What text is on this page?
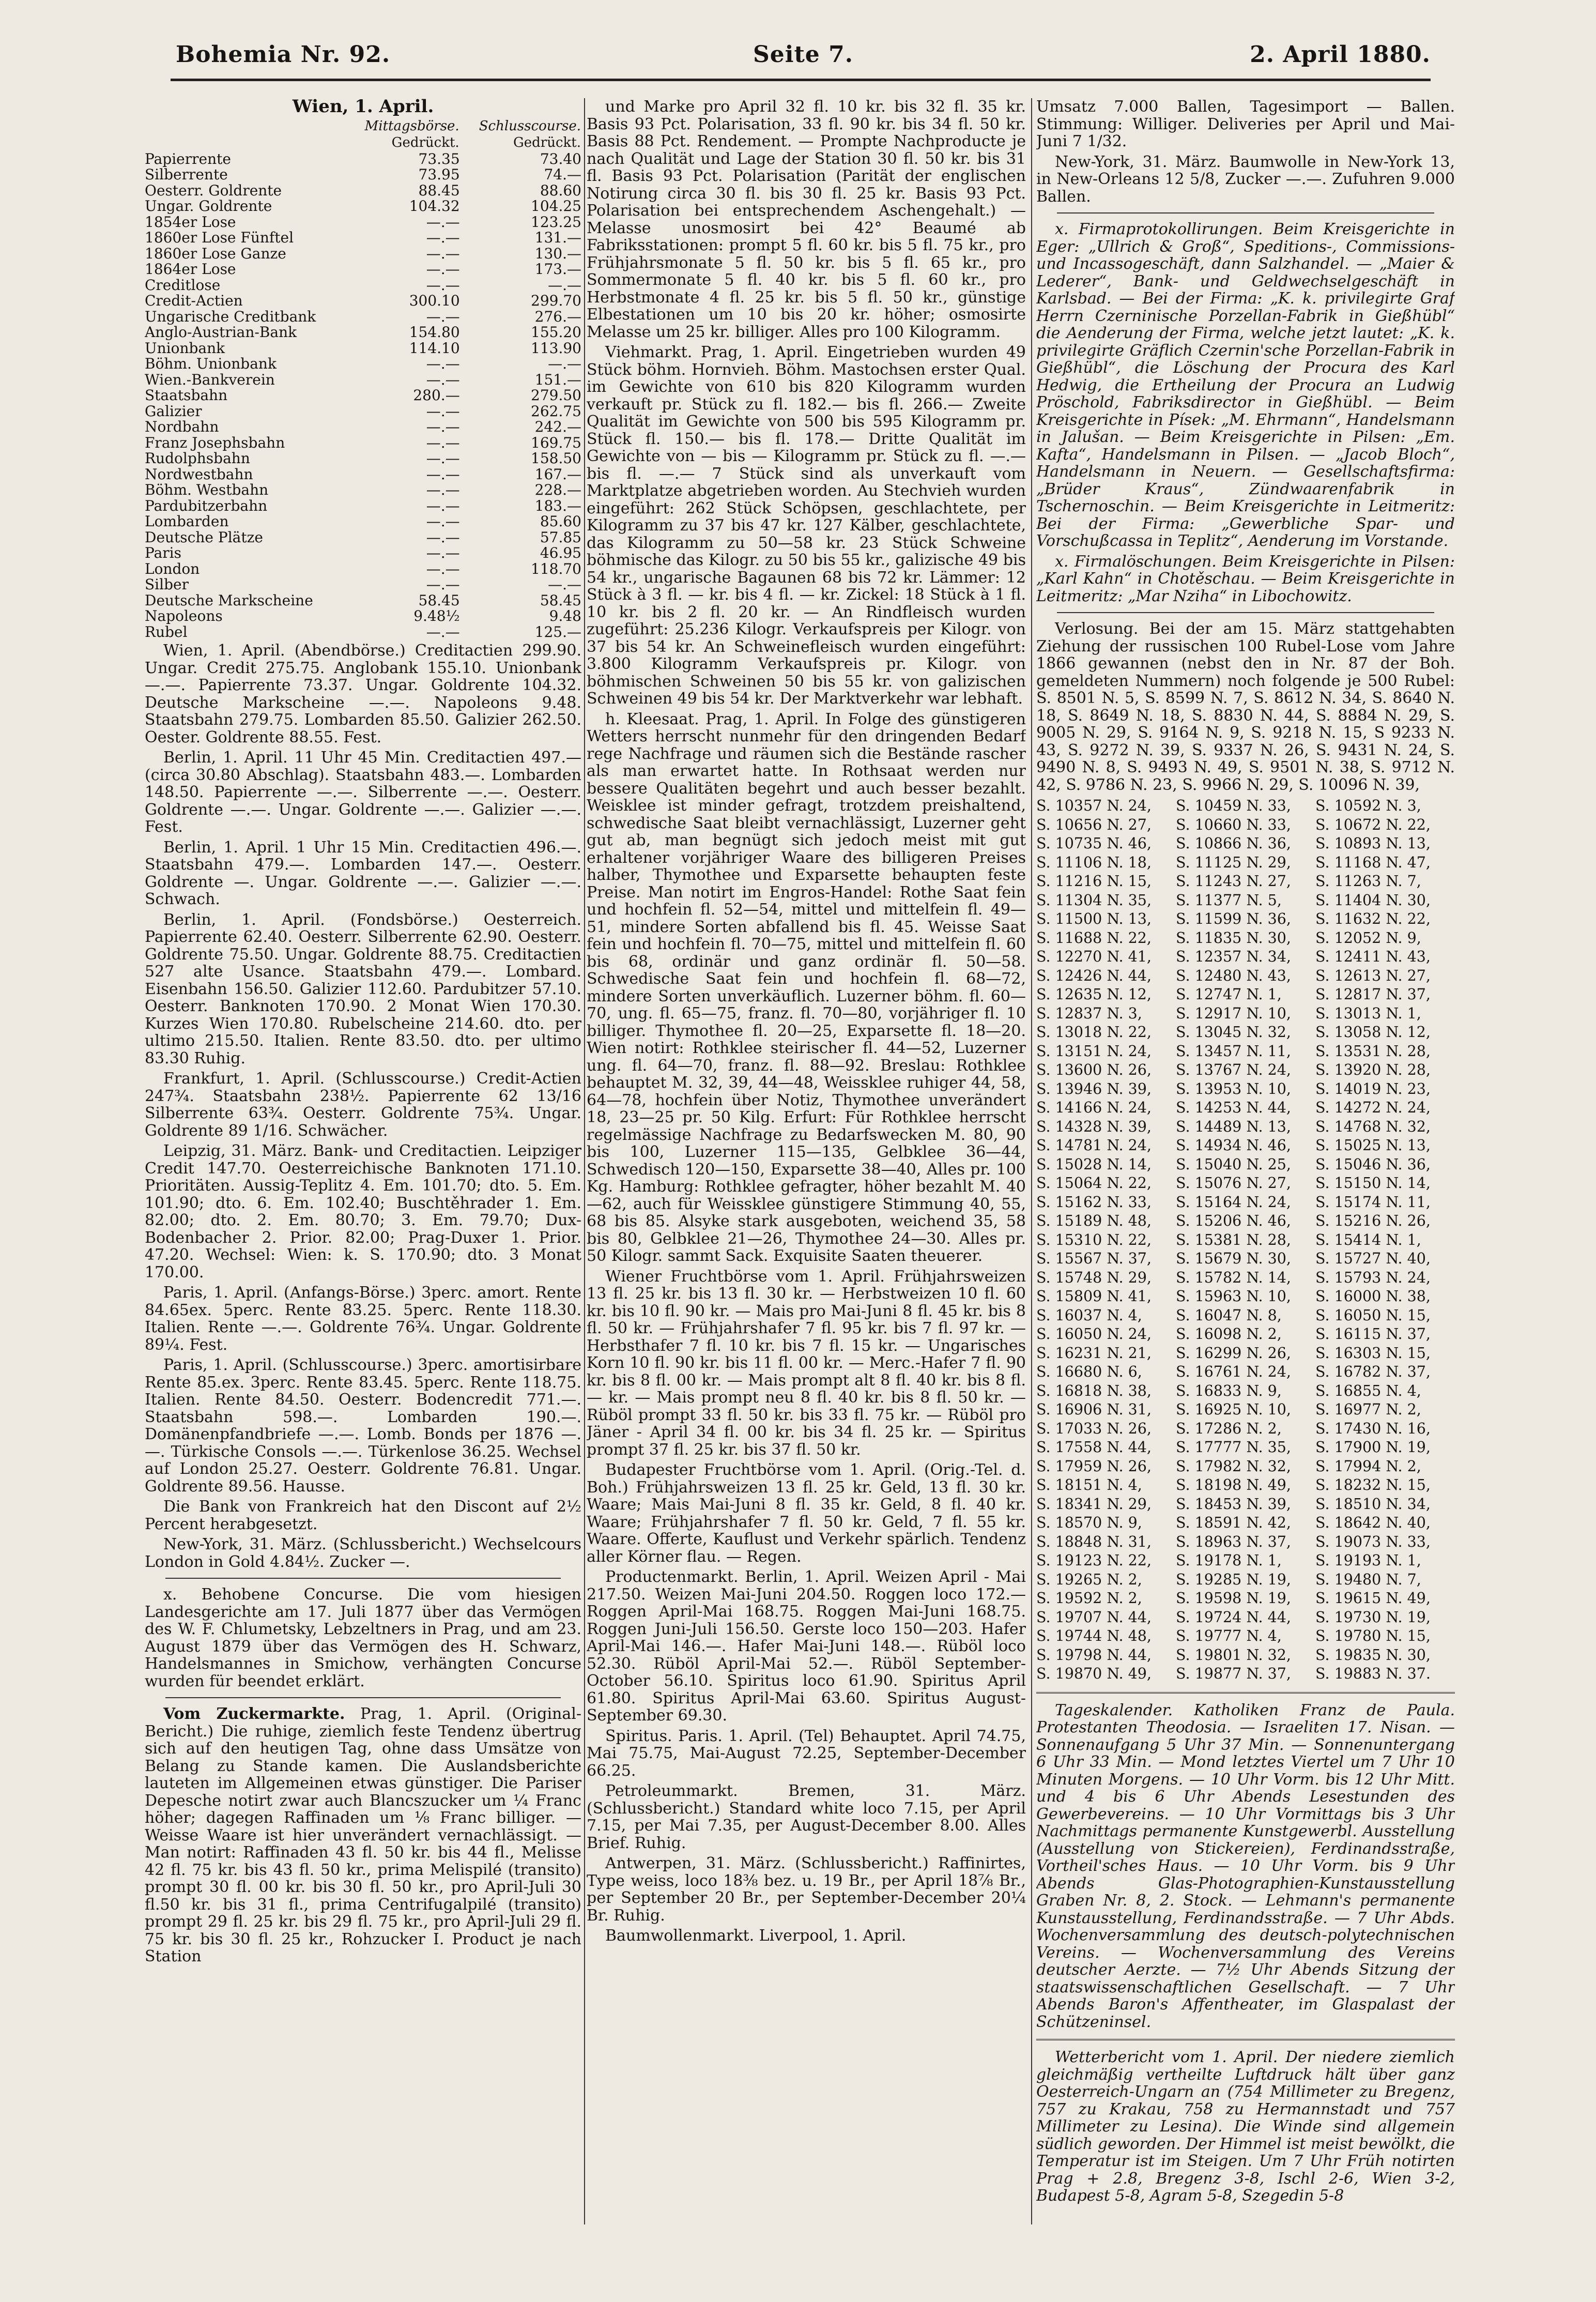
Bohemia Nr. 92.	Seite 7.	2. April 1880.
Wien, 1. April.
	Mittagsbörse.	Schlusscourse.
	Gedrückt.	Gedrückt.
Papierrente	73.35	73.40
Silberrente	73.95	74.—
Oesterr. Goldrente	88.45	88.60
Ungar. Goldrente	104.32	104.25
1854er Lose	—.—	123.25
1860er Lose Fünftel	—.—	131.—
1860er Lose Ganze	—.—	130.—
1864er Lose	—.—	173.—
Creditlose	—.—	—.—
Credit-Actien	300.10	299.70
Ungarische Creditbank	—.—	276.—
Anglo-Austrian-Bank	154.80	155.20
Unionbank	114.10	113.90
Böhm. Unionbank	—.—	—.—
Wien.-Bankverein	—.—	151.—
Staatsbahn	280.—	279.50
Galizier	—.—	262.75
Nordbahn	—.—	242.—
Franz Josephsbahn	—.—	169.75
Rudolphsbahn	—.—	158.50
Nordwestbahn	—.—	167.—
Böhm. Westbahn	—.—	228.—
Pardubitzerbahn	—.—	183.—
Lombarden	—.—	85.60
Deutsche Plätze	—.—	57.85
Paris	—.—	46.95
London	—.—	118.70
Silber	—.—	—.—
Deutsche Markscheine	58.45	58.45
Napoleons	9.48½	9.48
Rubel	—.—	125.—

Wien, 1. April. (Abendbörse.) Creditactien 299.90. Ungar. Credit 275.75. Anglobank 155.10. Unionbank —.—. Papierrente 73.37. Ungar. Goldrente 104.32. Deutsche Markscheine —.—. Napoleons 9.48. Staatsbahn 279.75. Lombarden 85.50. Galizier 262.50. Oester. Goldrente 88.55. Fest.

Berlin, 1. April. 11 Uhr 45 Min. Creditactien 497.— (circa 30.80 Abschlag). Staatsbahn 483.—. Lombarden 148.50. Papierrente —.—. Silberrente —.—. Oesterr. Goldrente —.—. Ungar. Goldrente —.—. Galizier —.—. Fest.

Berlin, 1. April. 1 Uhr 15 Min. Creditactien 496.—. Staatsbahn 479.—. Lombarden 147.—. Oesterr. Goldrente —. Ungar. Goldrente —.—. Galizier —.—. Schwach.

Berlin, 1. April. (Fondsbörse.) Oesterreich. Papierrente 62.40. Oesterr. Silberrente 62.90. Oesterr. Goldrente 75.50. Ungar. Goldrente 88.75. Creditactien 527 alte Usance. Staatsbahn 479.—. Lombard. Eisenbahn 156.50. Galizier 112.60. Pardubitzer 57.10. Oesterr. Banknoten 170.90. 2 Monat Wien 170.30. Kurzes Wien 170.80. Rubelscheine 214.60. dto. per ultimo 215.50. Italien. Rente 83.50. dto. per ultimo 83.30 Ruhig.

Frankfurt, 1. April. (Schlusscourse.) Credit-Actien 247¾. Staatsbahn 238½. Papierrente 62 13/16 Silberrente 63¾. Oesterr. Goldrente 75¾. Ungar. Goldrente 89 1/16. Schwächer.

Leipzig, 31. März. Bank- und Creditactien. Leipziger Credit 147.70. Oesterreichische Banknoten 171.10. Prioritäten. Aussig-Teplitz 4. Em. 101.70; dto. 5. Em. 101.90; dto. 6. Em. 102.40; Buschtěhrader 1. Em. 82.00; dto. 2. Em. 80.70; 3. Em. 79.70; Dux-Bodenbacher 2. Prior. 82.00; Prag-Duxer 1. Prior. 47.20. Wechsel: Wien: k. S. 170.90; dto. 3 Monat 170.00.

Paris, 1. April. (Anfangs-Börse.) 3perc. amort. Rente 84.65ex. 5perc. Rente 83.25. 5perc. Rente 118.30. Italien. Rente —.—. Goldrente 76¾. Ungar. Goldrente 89¼. Fest.

Paris, 1. April. (Schlusscourse.) 3perc. amortisirbare Rente 85.ex. 3perc. Rente 83.45. 5perc. Rente 118.75. Italien. Rente 84.50. Oesterr. Bodencredit 771.—. Staatsbahn 598.—. Lombarden 190.—. Domänenpfandbriefe —.—. Lomb. Bonds per 1876 —.—. Türkische Consols —.—. Türkenlose 36.25. Wechsel auf London 25.27. Oesterr. Goldrente 76.81. Ungar. Goldrente 89.56. Hausse.

Die Bank von Frankreich hat den Discont auf 2½ Percent herabgesetzt.

New-York, 31. März. (Schlussbericht.) Wechselcours London in Gold 4.84½. Zucker —.

x. Behobene Concurse. Die vom hiesigen Landesgerichte am 17. Juli 1877 über das Vermögen des W. F. Chlumetsky, Lebzeltners in Prag, und am 23. August 1879 über das Vermögen des H. Schwarz, Handelsmannes in Smichow, verhängten Concurse wurden für beendet erklärt.

Vom Zuckermarkte. Prag, 1. April. (Original-Bericht.) Die ruhige, ziemlich feste Tendenz übertrug sich auf den heutigen Tag, ohne dass Umsätze von Belang zu Stande kamen. Die Auslandsberichte lauteten im Allgemeinen etwas günstiger. Die Pariser Depesche notirt zwar auch Blancszucker um ¼ Franc höher; dagegen Raffinaden um ⅛ Franc billiger. — Weisse Waare ist hier unverändert vernachlässigt. — Man notirt: Raffinaden 43 fl. 50 kr. bis 44 fl., Melisse 42 fl. 75 kr. bis 43 fl. 50 kr., prima Melispilé (transito) prompt 30 fl. 00 kr. bis 30 fl. 50 kr., pro April-Juli 30 fl.50 kr. bis 31 fl., prima Centrifugalpilé (transito) prompt 29 fl. 25 kr. bis 29 fl. 75 kr., pro April-Juli 29 fl. 75 kr. bis 30 fl. 25 kr., Rohzucker I. Product je nach Station

und Marke pro April 32 fl. 10 kr. bis 32 fl. 35 kr. Basis 93 Pct. Polarisation, 33 fl. 90 kr. bis 34 fl. 50 kr. Basis 88 Pct. Rendement. — Prompte Nachproducte je nach Qualität und Lage der Station 30 fl. 50 kr. bis 31 fl. Basis 93 Pct. Polarisation (Parität der englischen Notirung circa 30 fl. bis 30 fl. 25 kr. Basis 93 Pct. Polarisation bei entsprechendem Aschengehalt.) — Melasse unosmosirt bei 42° Beaumé ab Fabriksstationen: prompt 5 fl. 60 kr. bis 5 fl. 75 kr., pro Frühjahrsmonate 5 fl. 50 kr. bis 5 fl. 65 kr., pro Sommermonate 5 fl. 40 kr. bis 5 fl. 60 kr., pro Herbstmonate 4 fl. 25 kr. bis 5 fl. 50 kr., günstige Elbestationen um 10 bis 20 kr. höher; osmosirte Melasse um 25 kr. billiger. Alles pro 100 Kilogramm.

Viehmarkt. Prag, 1. April. Eingetrieben wurden 49 Stück böhm. Hornvieh. Böhm. Mastochsen erster Qual. im Gewichte von 610 bis 820 Kilogramm wurden verkauft pr. Stück zu fl. 182.— bis fl. 266.— Zweite Qualität im Gewichte von 500 bis 595 Kilogramm pr. Stück fl. 150.— bis fl. 178.— Dritte Qualität im Gewichte von — bis — Kilogramm pr. Stück zu fl. —.— bis fl. —.— 7 Stück sind als unverkauft vom Marktplatze abgetrieben worden. Au Stechvieh wurden eingeführt: 262 Stück Schöpsen, geschlachtete, per Kilogramm zu 37 bis 47 kr. 127 Kälber, geschlachtete, das Kilogramm zu 50—58 kr. 23 Stück Schweine böhmische das Kilogr. zu 50 bis 55 kr., galizische 49 bis 54 kr., ungarische Bagaunen 68 bis 72 kr. Lämmer: 12 Stück à 3 fl. — kr. bis 4 fl. — kr. Zickel: 18 Stück à 1 fl. 10 kr. bis 2 fl. 20 kr. — An Rindfleisch wurden zugeführt: 25.236 Kilogr. Verkaufspreis per Kilogr. von 37 bis 54 kr. An Schweinefleisch wurden eingeführt: 3.800 Kilogramm Verkaufspreis pr. Kilogr. von böhmischen Schweinen 50 bis 55 kr. von galizischen Schweinen 49 bis 54 kr. Der Marktverkehr war lebhaft.

h. Kleesaat. Prag, 1. April. In Folge des günstigeren Wetters herrscht nunmehr für den dringenden Bedarf rege Nachfrage und räumen sich die Bestände rascher als man erwartet hatte. In Rothsaat werden nur bessere Qualitäten begehrt und auch besser bezahlt. Weisklee ist minder gefragt, trotzdem preishaltend, schwedische Saat bleibt vernachlässigt, Luzerner geht gut ab, man begnügt sich jedoch meist mit gut erhaltener vorjähriger Waare des billigeren Preises halber, Thymothee und Exparsette behaupten feste Preise. Man notirt im Engros-Handel: Rothe Saat fein und hochfein fl. 52—54, mittel und mittelfein fl. 49—51, mindere Sorten abfallend bis fl. 45. Weisse Saat fein und hochfein fl. 70—75, mittel und mittelfein fl. 60 bis 68, ordinär und ganz ordinär fl. 50—58. Schwedische Saat fein und hochfein fl. 68—72, mindere Sorten unverkäuflich. Luzerner böhm. fl. 60—70, ung. fl. 65—75, franz. fl. 70—80, vorjähriger fl. 10 billiger. Thymothee fl. 20—25, Exparsette fl. 18—20. Wien notirt: Rothklee steirischer fl. 44—52, Luzerner ung. fl. 64—70, franz. fl. 88—92. Breslau: Rothklee behauptet M. 32, 39, 44—48, Weissklee ruhiger 44, 58, 64—78, hochfein über Notiz, Thymothee unverändert 18, 23—25 pr. 50 Kilg. Erfurt: Für Rothklee herrscht regelmässige Nachfrage zu Bedarfswecken M. 80, 90 bis 100, Luzerner 115—135, Gelbklee 36—44, Schwedisch 120—150, Exparsette 38—40, Alles pr. 100 Kg. Hamburg: Rothklee gefragter, höher bezahlt M. 40—62, auch für Weissklee günstigere Stimmung 40, 55, 68 bis 85. Alsyke stark ausgeboten, weichend 35, 58 bis 80, Gelbklee 21—26, Thymothee 24—30. Alles pr. 50 Kilogr. sammt Sack. Exquisite Saaten theuerer.

Wiener Fruchtbörse vom 1. April. Frühjahrsweizen 13 fl. 25 kr. bis 13 fl. 30 kr. — Herbstweizen 10 fl. 60 kr. bis 10 fl. 90 kr. — Mais pro Mai-Juni 8 fl. 45 kr. bis 8 fl. 50 kr. — Frühjahrshafer 7 fl. 95 kr. bis 7 fl. 97 kr. — Herbsthafer 7 fl. 10 kr. bis 7 fl. 15 kr. — Ungarisches Korn 10 fl. 90 kr. bis 11 fl. 00 kr. — Merc.-Hafer 7 fl. 90 kr. bis 8 fl. 00 kr. — Mais prompt alt 8 fl. 40 kr. bis 8 fl. — kr. — Mais prompt neu 8 fl. 40 kr. bis 8 fl. 50 kr. — Rüböl prompt 33 fl. 50 kr. bis 33 fl. 75 kr. — Rüböl pro Jäner - April 34 fl. 00 kr. bis 34 fl. 25 kr. — Spiritus prompt 37 fl. 25 kr. bis 37 fl. 50 kr.

Budapester Fruchtbörse vom 1. April. (Orig.-Tel. d. Boh.) Frühjahrsweizen 13 fl. 25 kr. Geld, 13 fl. 30 kr. Waare; Mais Mai-Juni 8 fl. 35 kr. Geld, 8 fl. 40 kr. Waare; Frühjahrshafer 7 fl. 50 kr. Geld, 7 fl. 55 kr. Waare. Offerte, Kauflust und Verkehr spärlich. Tendenz aller Körner flau. — Regen.

Productenmarkt. Berlin, 1. April. Weizen April - Mai 217.50. Weizen Mai-Juni 204.50. Roggen loco 172.— Roggen April-Mai 168.75. Roggen Mai-Juni 168.75. Roggen Juni-Juli 156.50. Gerste loco 150—203. Hafer April-Mai 146.—. Hafer Mai-Juni 148.—. Rüböl loco 52.30. Rüböl April-Mai 52.—. Rüböl September-October 56.10. Spiritus loco 61.90. Spiritus April 61.80. Spiritus April-Mai 63.60. Spiritus August-September 69.30.

Spiritus. Paris. 1. April. (Tel) Behauptet. April 74.75, Mai 75.75, Mai-August 72.25, September-December 66.25.

Petroleummarkt. Bremen, 31. März. (Schlussbericht.) Standard white loco 7.15, per April 7.15, per Mai 7.35, per August-December 8.00. Alles Brief. Ruhig.

Antwerpen, 31. März. (Schlussbericht.) Raffinirtes, Type weiss, loco 18⅜ bez. u. 19 Br., per April 18⅞ Br., per September 20 Br., per September-December 20¼ Br. Ruhig.

Baumwollenmarkt. Liverpool, 1. April.

Umsatz 7.000 Ballen, Tagesimport — Ballen. Stimmung: Williger. Deliveries per April und Mai-Juni 7 1/32.

New-York, 31. März. Baumwolle in New-York 13, in New-Orleans 12 5/8, Zucker —.—. Zufuhren 9.000 Ballen.

x. Firmaprotokollirungen. Beim Kreisgerichte in Eger: „Ullrich & Groß“, Speditions-, Commissions- und Incassogeschäft, dann Salzhandel. — „Maier & Lederer“, Bank- und Geldwechselgeschäft in Karlsbad. — Bei der Firma: „K. k. privilegirte Graf Herrn Czerninische Porzellan-Fabrik in Gießhübl“ die Aenderung der Firma, welche jetzt lautet: „K. k. privilegirte Gräflich Czernin'sche Porzellan-Fabrik in Gießhübl“, die Löschung der Procura des Karl Hedwig, die Ertheilung der Procura an Ludwig Pröschold, Fabriksdirector in Gießhübl. — Beim Kreisgerichte in Písek: „M. Ehrmann“, Handelsmann in Jalušan. — Beim Kreisgerichte in Pilsen: „Em. Kafta“, Handelsmann in Pilsen. — „Jacob Bloch“, Handelsmann in Neuern. — Gesellschaftsfirma: „Brüder Kraus“, Zündwaarenfabrik in Tschernoschin. — Beim Kreisgerichte in Leitmeritz: Bei der Firma: „Gewerbliche Spar- und Vorschußcassa in Teplitz“, Aenderung im Vorstande.

x. Firmalöschungen. Beim Kreisgerichte in Pilsen: „Karl Kahn“ in Chotěschau. — Beim Kreisgerichte in Leitmeritz: „Mar Nziha“ in Libochowitz.

Verlosung. Bei der am 15. März stattgehabten Ziehung der russischen 100 Rubel-Lose vom Jahre 1866 gewannen (nebst den in Nr. 87 der Boh. gemeldeten Nummern) noch folgende je 500 Rubel: S. 8501 N. 5, S. 8599 N. 7, S. 8612 N. 34, S. 8640 N. 18, S. 8649 N. 18, S. 8830 N. 44, S. 8884 N. 29, S. 9005 N. 29, S. 9164 N. 9, S. 9218 N. 15, S 9233 N. 43, S. 9272 N. 39, S. 9337 N. 26, S. 9431 N. 24, S. 9490 N. 8, S. 9493 N. 49, S. 9501 N. 38, S. 9712 N. 42, S. 9786 N. 23, S. 9966 N. 29, S. 10096 N. 39,

S. 10357 N. 24,	S. 10459 N. 33,	S. 10592 N. 3,
S. 10656 N. 27,	S. 10660 N. 33,	S. 10672 N. 22,
S. 10735 N. 46,	S. 10866 N. 36,	S. 10893 N. 13,
S. 11106 N. 18,	S. 11125 N. 29,	S. 11168 N. 47,
S. 11216 N. 15,	S. 11243 N. 27,	S. 11263 N. 7,
S. 11304 N. 35,	S. 11377 N. 5,	S. 11404 N. 30,
S. 11500 N. 13,	S. 11599 N. 36,	S. 11632 N. 22,
S. 11688 N. 22,	S. 11835 N. 30,	S. 12052 N. 9,
S. 12270 N. 41,	S. 12357 N. 34,	S. 12411 N. 43,
S. 12426 N. 44,	S. 12480 N. 43,	S. 12613 N. 27,
S. 12635 N. 12,	S. 12747 N. 1,	S. 12817 N. 37,
S. 12837 N. 3,	S. 12917 N. 10,	S. 13013 N. 1,
S. 13018 N. 22,	S. 13045 N. 32,	S. 13058 N. 12,
S. 13151 N. 24,	S. 13457 N. 11,	S. 13531 N. 28,
S. 13600 N. 26,	S. 13767 N. 24,	S. 13920 N. 28,
S. 13946 N. 39,	S. 13953 N. 10,	S. 14019 N. 23,
S. 14166 N. 24,	S. 14253 N. 44,	S. 14272 N. 24,
S. 14328 N. 39,	S. 14489 N. 13,	S. 14768 N. 32,
S. 14781 N. 24,	S. 14934 N. 46,	S. 15025 N. 13,
S. 15028 N. 14,	S. 15040 N. 25,	S. 15046 N. 36,
S. 15064 N. 22,	S. 15076 N. 27,	S. 15150 N. 14,
S. 15162 N. 33,	S. 15164 N. 24,	S. 15174 N. 11,
S. 15189 N. 48,	S. 15206 N. 46,	S. 15216 N. 26,
S. 15310 N. 22,	S. 15381 N. 28,	S. 15414 N. 1,
S. 15567 N. 37,	S. 15679 N. 30,	S. 15727 N. 40,
S. 15748 N. 29,	S. 15782 N. 14,	S. 15793 N. 24,
S. 15809 N. 41,	S. 15963 N. 10,	S. 16000 N. 38,
S. 16037 N. 4,	S. 16047 N. 8,	S. 16050 N. 15,
S. 16050 N. 24,	S. 16098 N. 2,	S. 16115 N. 37,
S. 16231 N. 21,	S. 16299 N. 26,	S. 16303 N. 15,
S. 16680 N. 6,	S. 16761 N. 24,	S. 16782 N. 37,
S. 16818 N. 38,	S. 16833 N. 9,	S. 16855 N. 4,
S. 16906 N. 31,	S. 16925 N. 10,	S. 16977 N. 2,
S. 17033 N. 26,	S. 17286 N. 2,	S. 17430 N. 16,
S. 17558 N. 44,	S. 17777 N. 35,	S. 17900 N. 19,
S. 17959 N. 26,	S. 17982 N. 32,	S. 17994 N. 2,
S. 18151 N. 4,	S. 18198 N. 49,	S. 18232 N. 15,
S. 18341 N. 29,	S. 18453 N. 39,	S. 18510 N. 34,
S. 18570 N. 9,	S. 18591 N. 42,	S. 18642 N. 40,
S. 18848 N. 31,	S. 18963 N. 37,	S. 19073 N. 33,
S. 19123 N. 22,	S. 19178 N. 1,	S. 19193 N. 1,
S. 19265 N. 2,	S. 19285 N. 19,	S. 19480 N. 7,
S. 19592 N. 2,	S. 19598 N. 19,	S. 19615 N. 49,
S. 19707 N. 44,	S. 19724 N. 44,	S. 19730 N. 19,
S. 19744 N. 48,	S. 19777 N. 4,	S. 19780 N. 15,
S. 19798 N. 44,	S. 19801 N. 32,	S. 19835 N. 30,
S. 19870 N. 49,	S. 19877 N. 37,	S. 19883 N. 37.

Tageskalender. Katholiken Franz de Paula. Protestanten Theodosia. — Israeliten 17. Nisan. — Sonnenaufgang 5 Uhr 37 Min. — Sonnenuntergang 6 Uhr 33 Min. — Mond letztes Viertel um 7 Uhr 10 Minuten Morgens. — 10 Uhr Vorm. bis 12 Uhr Mitt. und 4 bis 6 Uhr Abends Lesestunden des Gewerbevereins. — 10 Uhr Vormittags bis 3 Uhr Nachmittags permanente Kunstgewerbl. Ausstellung (Ausstellung von Stickereien), Ferdinandsstraße, Vortheil'sches Haus. — 10 Uhr Vorm. bis 9 Uhr Abends Glas-Photographien-Kunstausstellung Graben Nr. 8, 2. Stock. — Lehmann's permanente Kunstausstellung, Ferdinandsstraße. — 7 Uhr Abds. Wochenversammlung des deutsch-polytechnischen Vereins. — Wochenversammlung des Vereins deutscher Aerzte. — 7½ Uhr Abends Sitzung der staatswissenschaftlichen Gesellschaft. — 7 Uhr Abends Baron's Affentheater, im Glaspalast der Schützeninsel.

Wetterbericht vom 1. April. Der niedere ziemlich gleichmäßig vertheilte Luftdruck hält über ganz Oesterreich-Ungarn an (754 Millimeter zu Bregenz, 757 zu Krakau, 758 zu Hermannstadt und 757 Millimeter zu Lesina). Die Winde sind allgemein südlich geworden. Der Himmel ist meist bewölkt, die Temperatur ist im Steigen. Um 7 Uhr Früh notirten Prag + 2.8, Bregenz 3-8, Ischl 2-6, Wien 3-2, Budapest 5-8, Agram 5-8, Szegedin 5-8
